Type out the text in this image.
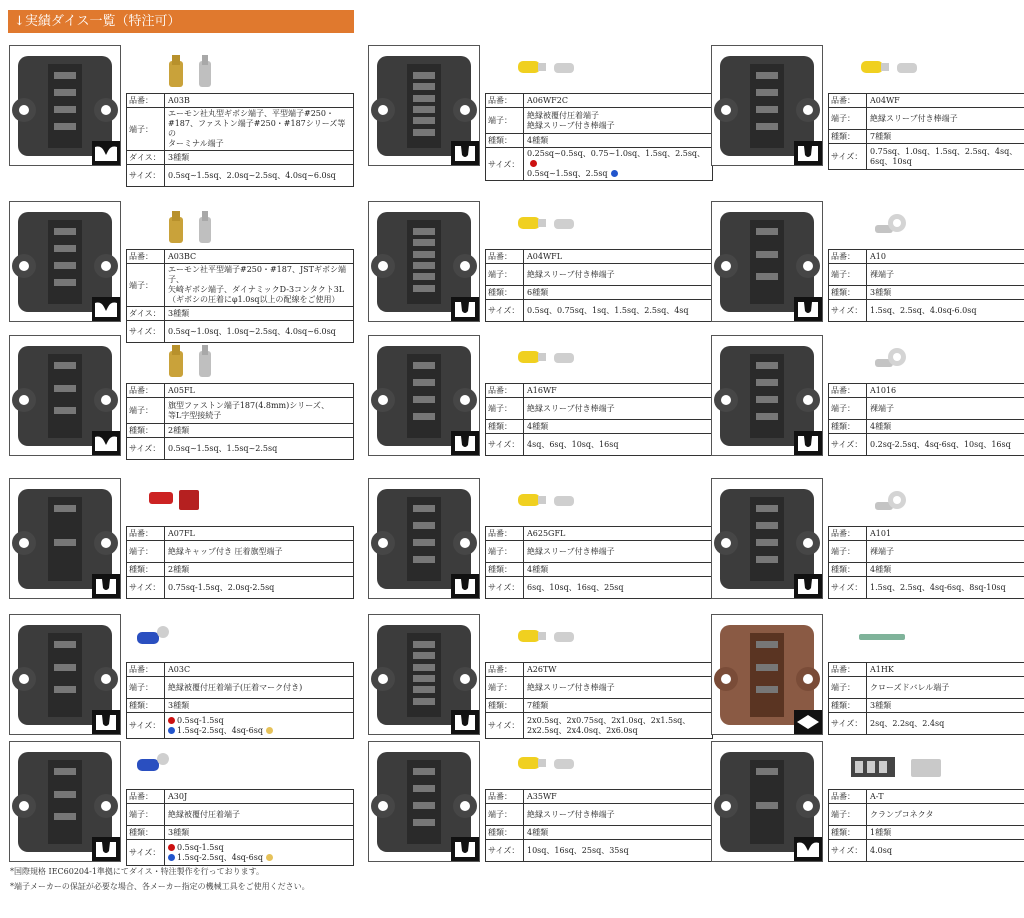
↓実績ダイス一覧（特注可）
品番：	A03B
端子：
エーモン社丸型ギボシ端子、平型端子#250・
#187、ファストン端子#250・#187シリーズ等の
ターミナル端子
ダイス： 3種類
サイズ： 0.5sq~1.5sq、2.0sq~2.5sq、4.0sq~6.0sq
品番：	A06WF2C
端子：
絶縁被覆付圧着端子
絶縁スリーブ付き棒端子
種類：	4種類
サイズ：
0.25sq~0.5sq、0.75~1.0sq、1.5sq、2.5sq、
0.5sq~1.5sq、2.5sq
品番：	A04WF
端子：	絶縁スリーブ付き棒端子
種類：	7種類
サイズ：
0.75sq、1.0sq、1.5sq、2.5sq、4sq、
6sq、10sq
品番：	A03BC
端子：
エーモン社平型端子#250・#187、JSTギボシ端子、
矢崎ギボシ端子、ダイナミックD-3コンタクト3L
（ギボシの圧着にφ1.0sq以上の配線をご使用）
ダイス： 3種類
サイズ： 0.5sq~1.0sq、1.0sq~2.5sq、4.0sq~6.0sq
品番：	A04WFL
端子：	絶縁スリーブ付き棒端子
種類：	6種類
サイズ： 0.5sq、0.75sq、1sq、1.5sq、2.5sq、4sq
品番：	A10
端子：	裸端子
種類：	3種類
サイズ： 1.5sq、2.5sq、4.0sq-6.0sq
品番：	A05FL
端子：
旗型ファストン端子187(4.8mm)シリーズ、
等L字型接続子
種類：	2種類
サイズ： 0.5sq~1.5sq、1.5sq~2.5sq
品番：	A16WF
端子：	絶縁スリーブ付き棒端子
種類：	4種類
サイズ： 4sq、6sq、10sq、16sq
品番：	A1016
端子：	裸端子
種類：	4種類
サイズ： 0.2sq-2.5sq、4sq-6sq、10sq、16sq
品番：	A07FL
端子：	絶縁キャップ付き 圧着旗型端子
種類：	2種類
サイズ： 0.75sq-1.5sq、2.0sq-2.5sq
品番：	A625GFL
端子：	絶縁スリーブ付き棒端子
種類：	4種類
サイズ： 6sq、10sq、16sq、25sq
品番：	A101
端子：	裸端子
種類：	4種類
サイズ： 1.5sq、2.5sq、4sq-6sq、8sq-10sq
品番：	A03C
端子：	絶縁被覆付圧着端子(圧着マーク付き)
種類：	3種類
サイズ：
0.5sq-1.5sq
1.5sq-2.5sq、4sq-6sq
品番：	A26TW
端子：	絶縁スリーブ付き棒端子
種類：	7種類
サイズ：
2x0.5sq、2x0.75sq、2x1.0sq、2x1.5sq、
2x2.5sq、2x4.0sq、2x6.0sq
品番：	A1HK
端子：	クローズドバレル端子
種類：	3種類
サイズ： 2sq、2.2sq、2.4sq
品番：	A30J
端子：	絶縁被覆付圧着端子
種類：	3種類
サイズ：
0.5sq-1.5sq
1.5sq-2.5sq、4sq-6sq
品番：	A35WF
端子：	絶縁スリーブ付き棒端子
種類：	4種類
サイズ： 10sq、16sq、25sq、35sq
品番：	A-T
端子：	クランプコネクタ
種類：	1種類
サイズ： 4.0sq
*国際規格 IEC60204-1準拠にてダイス・特注製作を行っております。
*端子メーカーの保証が必要な場合、各メーカー指定の機械工具をご使用ください。
